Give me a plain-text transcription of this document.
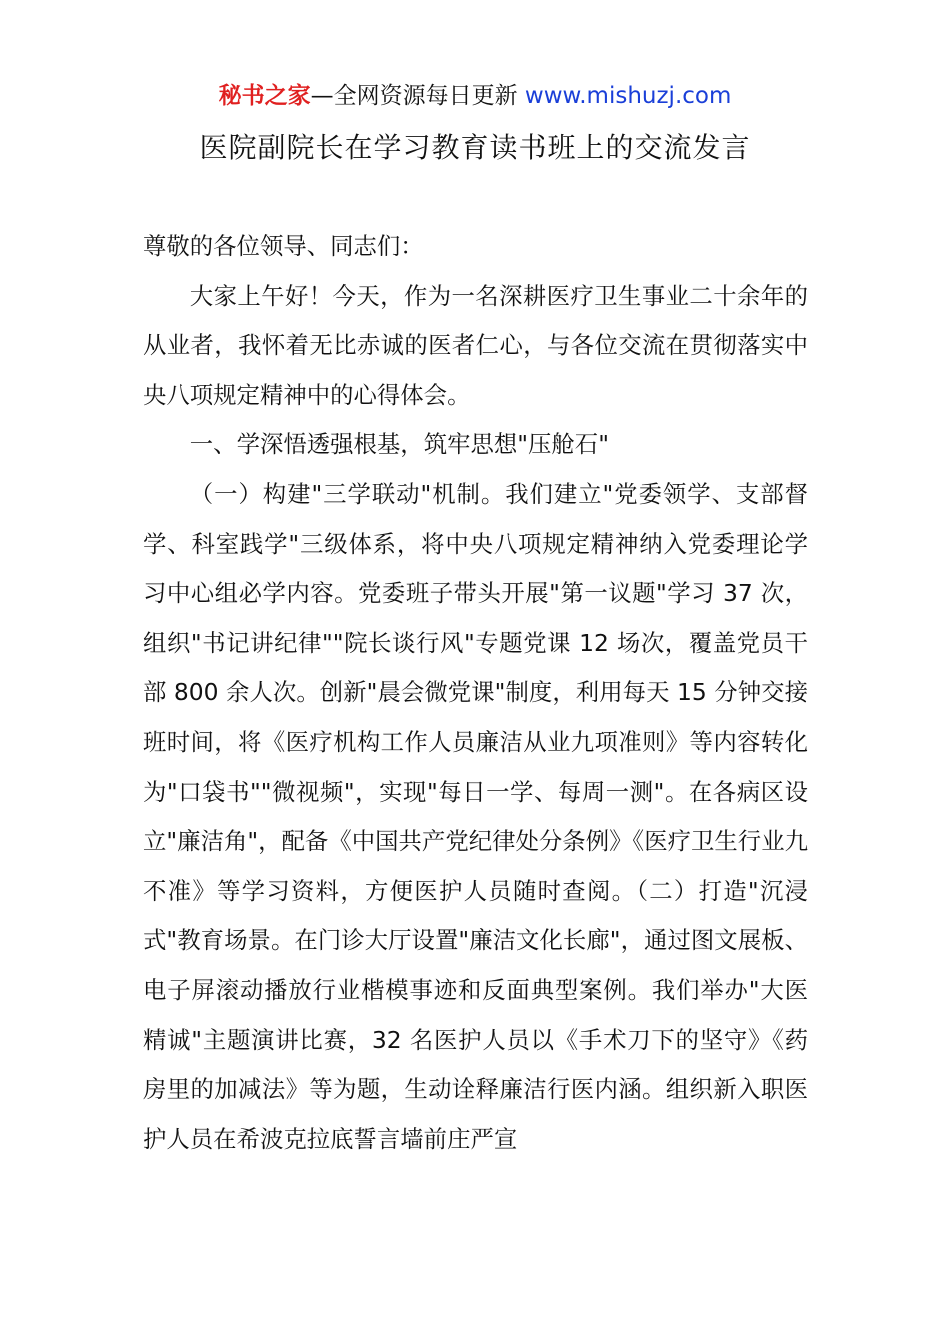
秘书之家—全网资源每日更新 www.mishuzj.com
医院副院长在学习教育读书班上的交流发言

尊敬的各位领导、同志们：

大家上午好！今天，作为一名深耕医疗卫生事业二十余年的从业者，我怀着无比赤诚的医者仁心，与各位交流在贯彻落实中央八项规定精神中的心得体会。

一、学深悟透强根基，筑牢思想"压舱石"

（一）构建"三学联动"机制。我们建立"党委领学、支部督学、科室践学"三级体系，将中央八项规定精神纳入党委理论学习中心组必学内容。党委班子带头开展"第一议题"学习 37 次，组织"书记讲纪律""院长谈行风"专题党课 12 场次，覆盖党员干部 800 余人次。创新"晨会微党课"制度，利用每天 15 分钟交接班时间，将《医疗机构工作人员廉洁从业九项准则》等内容转化为"口袋书""微视频"，实现"每日一学、每周一测"。在各病区设立"廉洁角"，配备《中国共产党纪律处分条例》《医疗卫生行业九不准》等学习资料，方便医护人员随时查阅。（二）打造"沉浸式"教育场景。在门诊大厅设置"廉洁文化长廊"，通过图文展板、电子屏滚动播放行业楷模事迹和反面典型案例。我们举办"大医精诚"主题演讲比赛，32 名医护人员以《手术刀下的坚守》《药房里的加减法》等为题，生动诠释廉洁行医内涵。组织新入职医护人员在希波克拉底誓言墙前庄严宣
